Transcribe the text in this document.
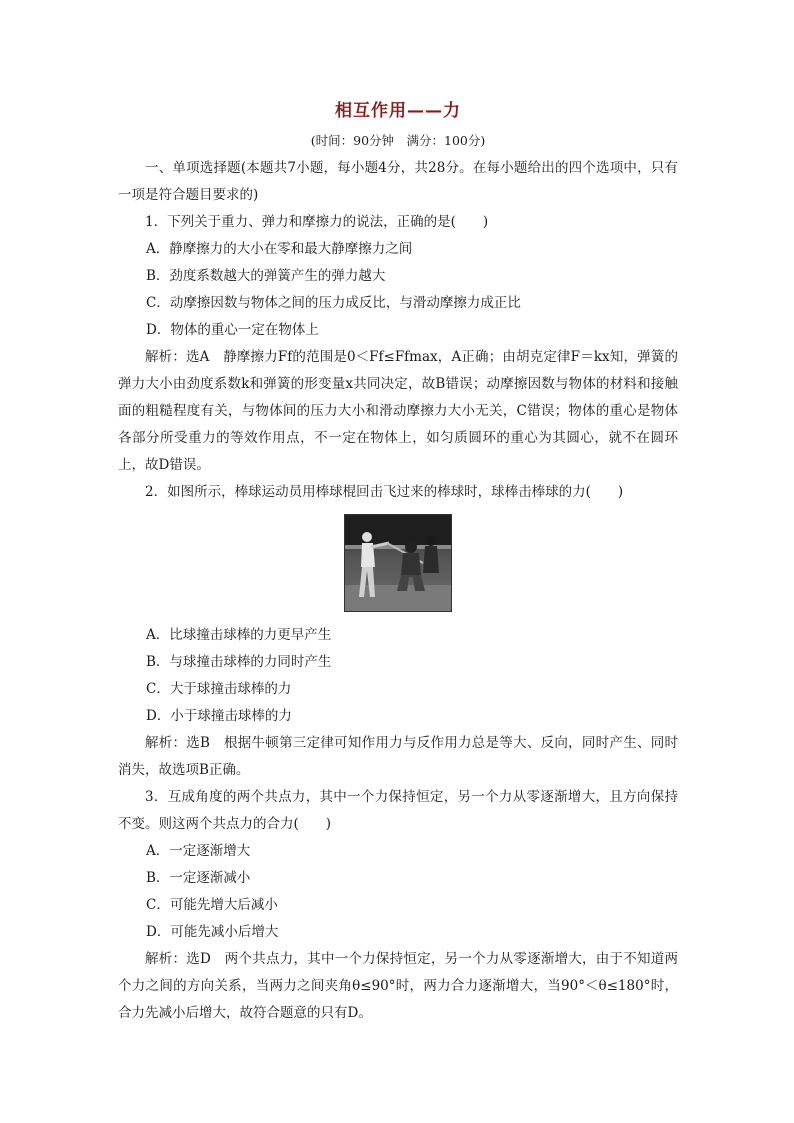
相互作用——力
(时间：90分钟　满分：100分)

一、单项选择题(本题共7小题，每小题4分，共28分。在每小题给出的四个选项中，只有一项是符合题目要求的)

1．下列关于重力、弹力和摩擦力的说法，正确的是(　　)

A．静摩擦力的大小在零和最大静摩擦力之间

B．劲度系数越大的弹簧产生的弹力越大

C．动摩擦因数与物体之间的压力成反比，与滑动摩擦力成正比

D．物体的重心一定在物体上

解析：选A　静摩擦力Ff的范围是0＜Ff≤Ffmax，A正确；由胡克定律F＝kx知，弹簧的弹力大小由劲度系数k和弹簧的形变量x共同决定，故B错误；动摩擦因数与物体的材料和接触面的粗糙程度有关，与物体间的压力大小和滑动摩擦力大小无关，C错误；物体的重心是物体各部分所受重力的等效作用点，不一定在物体上，如匀质圆环的重心为其圆心，就不在圆环上，故D错误。

2．如图所示，棒球运动员用棒球棍回击飞过来的棒球时，球棒击棒球的力(　　)

A．比球撞击球棒的力更早产生

B．与球撞击球棒的力同时产生

C．大于球撞击球棒的力

D．小于球撞击球棒的力

解析：选B　根据牛顿第三定律可知作用力与反作用力总是等大、反向，同时产生、同时消失，故选项B正确。

3．互成角度的两个共点力，其中一个力保持恒定，另一个力从零逐渐增大，且方向保持不变。则这两个共点力的合力(　　)

A．一定逐渐增大

B．一定逐渐减小

C．可能先增大后减小

D．可能先减小后增大

解析：选D　两个共点力，其中一个力保持恒定，另一个力从零逐渐增大，由于不知道两个力之间的方向关系，当两力之间夹角θ≤90°时，两力合力逐渐增大，当90°＜θ≤180°时，合力先减小后增大，故符合题意的只有D。
